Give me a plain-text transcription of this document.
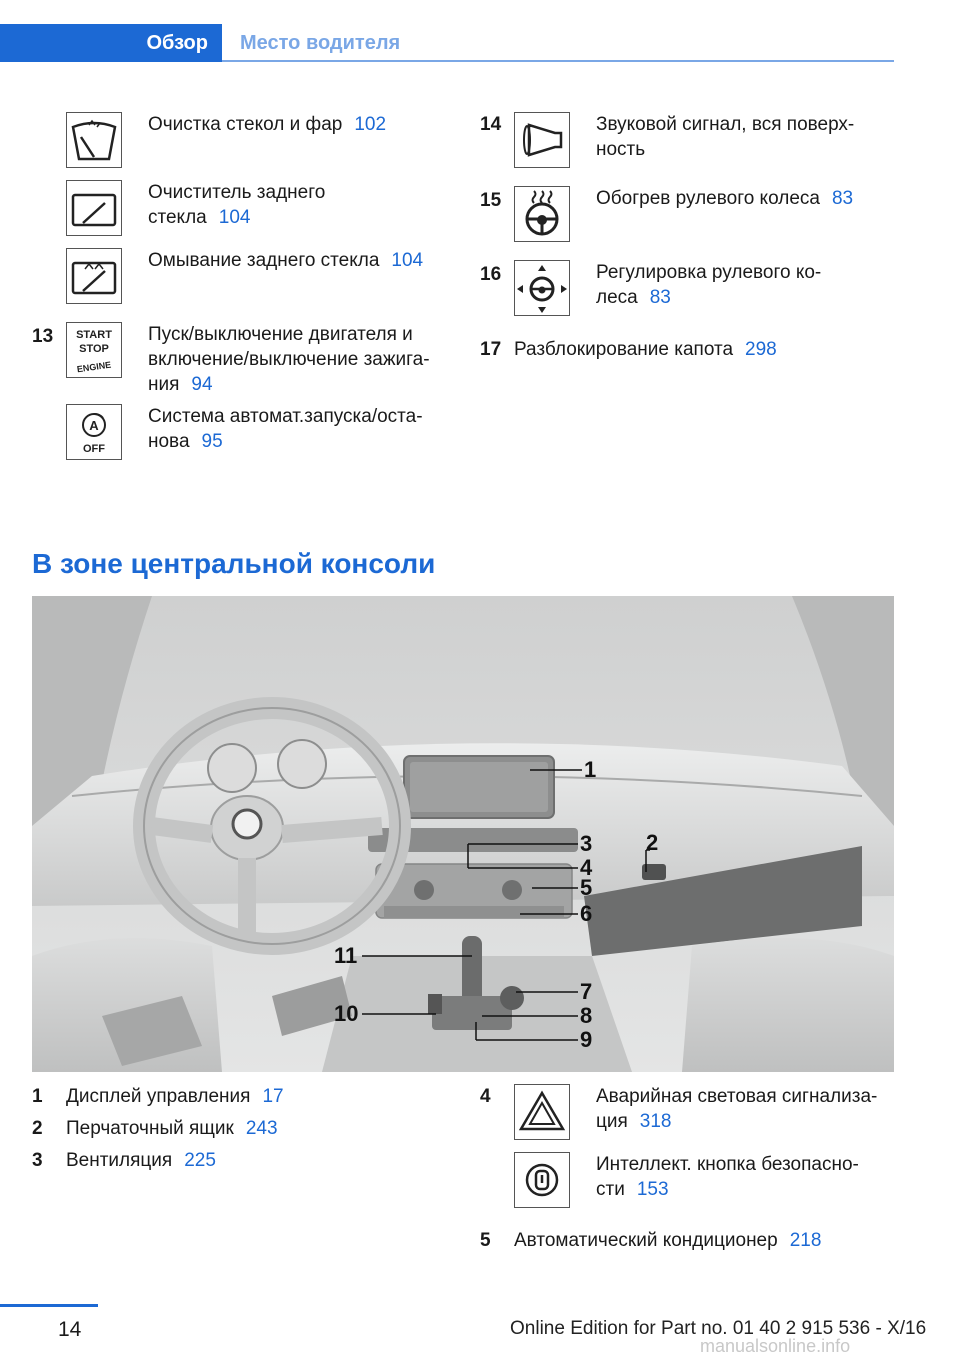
Обзор	Место водителя
Очистка стекол и фар 102
Очиститель заднего
стекла 104
Омывание заднего стекла 104
13 START
STOP
ENGINE
Пуск/выключение двигателя и
включение/выключение зажига-
ния 94
A
OFF
Система автомат.запуска/оста-
нова 95
14	Звуковой сигнал, вся поверх-
ность
15	Обогрев рулевого колеса 83
16	Регулировка рулевого ко-
леса 83
17 Разблокирование капота 298
В зоне центральной консоли
1
2
3
4
5
6
7
8
9
10
11
1 Дисплей управления 17
2 Перчаточный ящик 243
3 Вентиляция 225
4	Аварийная световая сигнализа-
ция 318
Интеллект. кнопка безопасно-
сти 153
5 Автоматический кондиционер 218
14	Online Edition for Part no. 01 40 2 915 536 - X/16
manualsonline.info
